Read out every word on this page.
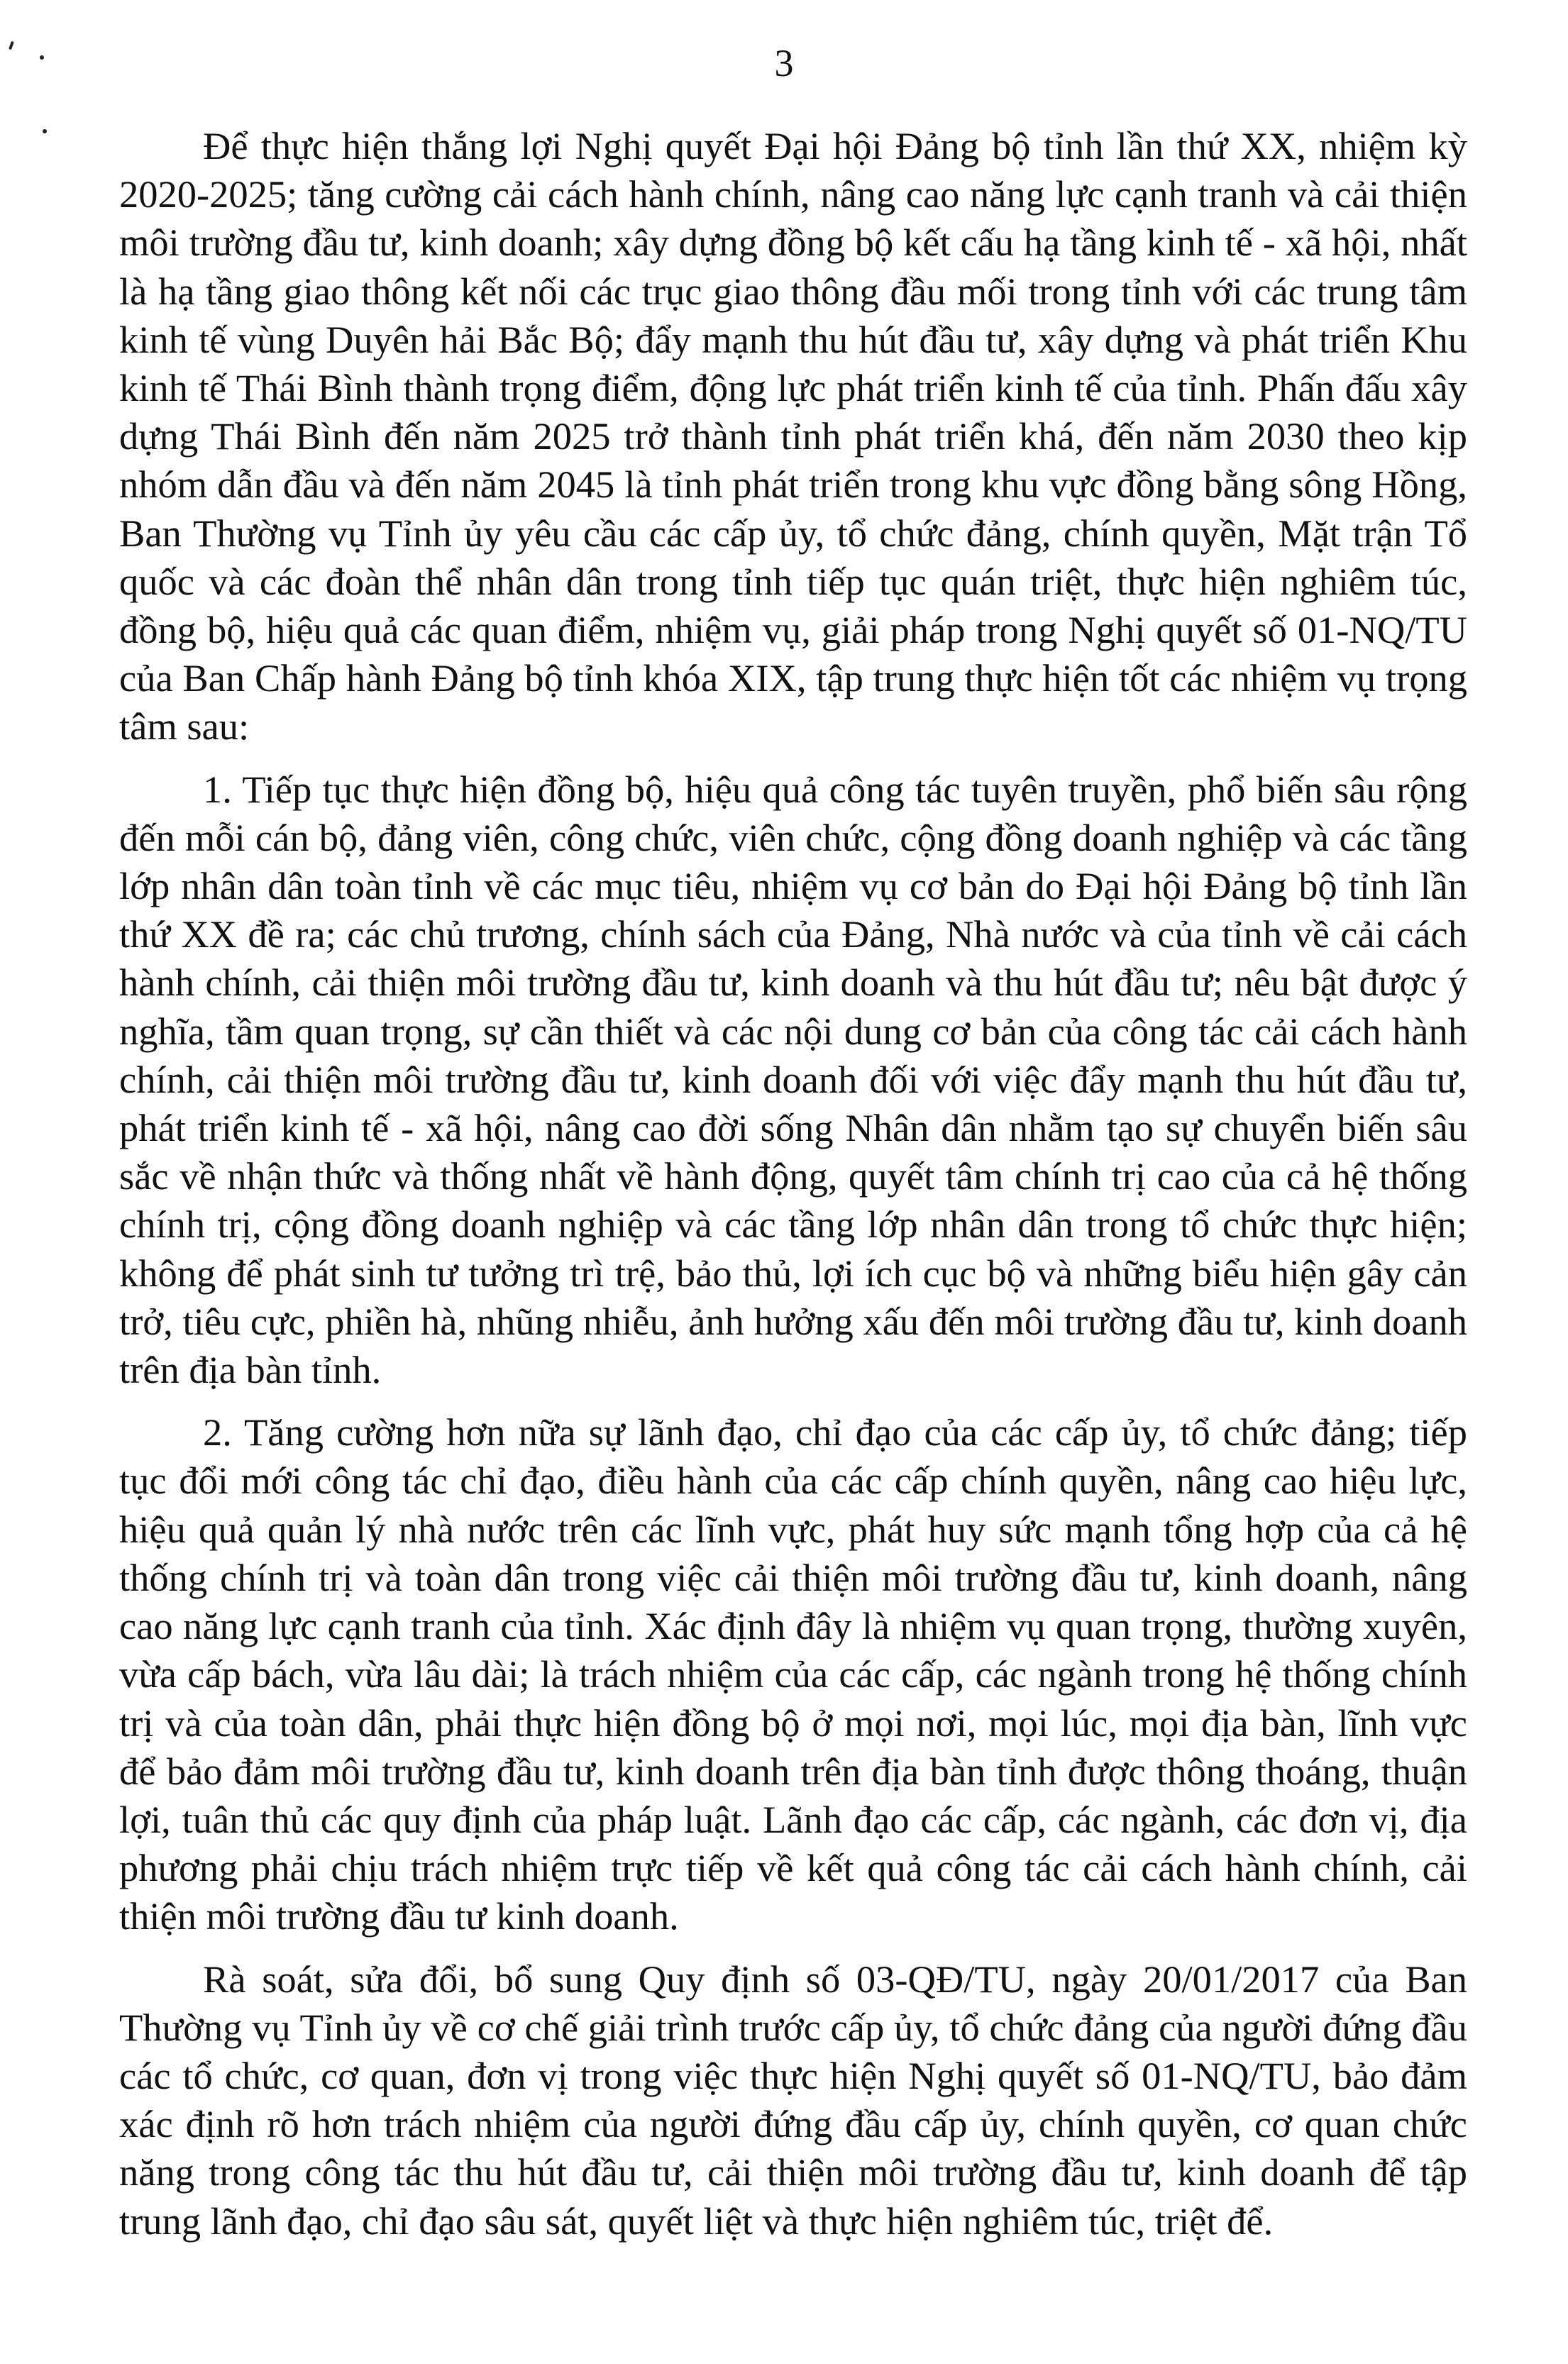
3

Để thực hiện thắng lợi Nghị quyết Đại hội Đảng bộ tỉnh lần thứ XX, nhiệm kỳ 2020-2025; tăng cường cải cách hành chính, nâng cao năng lực cạnh tranh và cải thiện môi trường đầu tư, kinh doanh; xây dựng đồng bộ kết cấu hạ tầng kinh tế - xã hội, nhất là hạ tầng giao thông kết nối các trục giao thông đầu mối trong tỉnh với các trung tâm kinh tế vùng Duyên hải Bắc Bộ; đẩy mạnh thu hút đầu tư, xây dựng và phát triển Khu kinh tế Thái Bình thành trọng điểm, động lực phát triển kinh tế của tỉnh. Phấn đấu xây dựng Thái Bình đến năm 2025 trở thành tỉnh phát triển khá, đến năm 2030 theo kịp nhóm dẫn đầu và đến năm 2045 là tỉnh phát triển trong khu vực đồng bằng sông Hồng, Ban Thường vụ Tỉnh ủy yêu cầu các cấp ủy, tổ chức đảng, chính quyền, Mặt trận Tổ quốc và các đoàn thể nhân dân trong tỉnh tiếp tục quán triệt, thực hiện nghiêm túc, đồng bộ, hiệu quả các quan điểm, nhiệm vụ, giải pháp trong Nghị quyết số 01-NQ/TU của Ban Chấp hành Đảng bộ tỉnh khóa XIX, tập trung thực hiện tốt các nhiệm vụ trọng tâm sau:

1. Tiếp tục thực hiện đồng bộ, hiệu quả công tác tuyên truyền, phổ biến sâu rộng đến mỗi cán bộ, đảng viên, công chức, viên chức, cộng đồng doanh nghiệp và các tầng lớp nhân dân toàn tỉnh về các mục tiêu, nhiệm vụ cơ bản do Đại hội Đảng bộ tỉnh lần thứ XX đề ra; các chủ trương, chính sách của Đảng, Nhà nước và của tỉnh về cải cách hành chính, cải thiện môi trường đầu tư, kinh doanh và thu hút đầu tư; nêu bật được ý nghĩa, tầm quan trọng, sự cần thiết và các nội dung cơ bản của công tác cải cách hành chính, cải thiện môi trường đầu tư, kinh doanh đối với việc đẩy mạnh thu hút đầu tư, phát triển kinh tế - xã hội, nâng cao đời sống Nhân dân nhằm tạo sự chuyển biến sâu sắc về nhận thức và thống nhất về hành động, quyết tâm chính trị cao của cả hệ thống chính trị, cộng đồng doanh nghiệp và các tầng lớp nhân dân trong tổ chức thực hiện; không để phát sinh tư tưởng trì trệ, bảo thủ, lợi ích cục bộ và những biểu hiện gây cản trở, tiêu cực, phiền hà, nhũng nhiễu, ảnh hưởng xấu đến môi trường đầu tư, kinh doanh trên địa bàn tỉnh.

2. Tăng cường hơn nữa sự lãnh đạo, chỉ đạo của các cấp ủy, tổ chức đảng; tiếp tục đổi mới công tác chỉ đạo, điều hành của các cấp chính quyền, nâng cao hiệu lực, hiệu quả quản lý nhà nước trên các lĩnh vực, phát huy sức mạnh tổng hợp của cả hệ thống chính trị và toàn dân trong việc cải thiện môi trường đầu tư, kinh doanh, nâng cao năng lực cạnh tranh của tỉnh. Xác định đây là nhiệm vụ quan trọng, thường xuyên, vừa cấp bách, vừa lâu dài; là trách nhiệm của các cấp, các ngành trong hệ thống chính trị và của toàn dân, phải thực hiện đồng bộ ở mọi nơi, mọi lúc, mọi địa bàn, lĩnh vực để bảo đảm môi trường đầu tư, kinh doanh trên địa bàn tỉnh được thông thoáng, thuận lợi, tuân thủ các quy định của pháp luật. Lãnh đạo các cấp, các ngành, các đơn vị, địa phương phải chịu trách nhiệm trực tiếp về kết quả công tác cải cách hành chính, cải thiện môi trường đầu tư kinh doanh.

Rà soát, sửa đổi, bổ sung Quy định số 03-QĐ/TU, ngày 20/01/2017 của Ban Thường vụ Tỉnh ủy về cơ chế giải trình trước cấp ủy, tổ chức đảng của người đứng đầu các tổ chức, cơ quan, đơn vị trong việc thực hiện Nghị quyết số 01-NQ/TU, bảo đảm xác định rõ hơn trách nhiệm của người đứng đầu cấp ủy, chính quyền, cơ quan chức năng trong công tác thu hút đầu tư, cải thiện môi trường đầu tư, kinh doanh để tập trung lãnh đạo, chỉ đạo sâu sát, quyết liệt và thực hiện nghiêm túc, triệt để.
